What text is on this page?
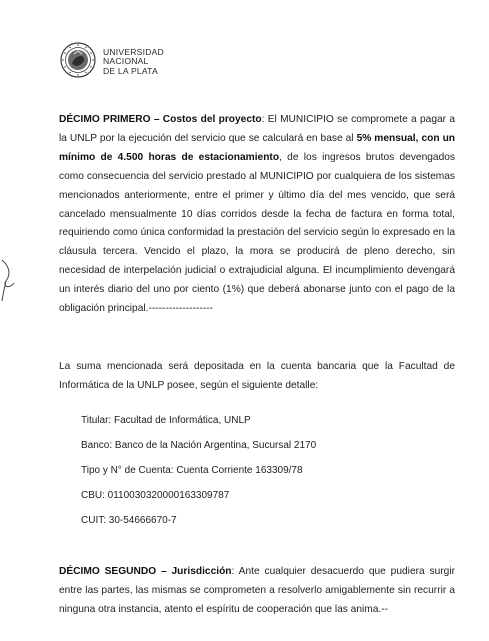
UNIVERSIDAD
NACIONAL
DE LA PLATA
DÉCIMO PRIMERO – Costos del proyecto: El MUNICIPIO se compromete a pagar a la UNLP por la ejecución del servicio que se calculará en base al 5% mensual, con un mínimo de 4.500 horas de estacionamiento, de los ingresos brutos devengados como consecuencia del servicio prestado al MUNICIPIO por cualquiera de los sistemas mencionados anteriormente, entre el primer y último día del mes vencido, que será cancelado mensualmente 10 días corridos desde la fecha de factura en forma total, requiriendo como única conformidad la prestación del servicio según lo expresado en la cláusula tercera. Vencido el plazo, la mora se producirá de pleno derecho, sin necesidad de interpelación judicial o extrajudicial alguna. El incumplimiento devengará un interés diario del uno por ciento (1%) que deberá abonarse junto con el pago de la obligación principal.-------------------
La suma mencionada será depositada en la cuenta bancaria que la Facultad de Informática de la UNLP posee, según el siguiente detalle:
Titular: Facultad de Informática, UNLP
Banco: Banco de la Nación Argentina, Sucursal 2170
Tipo y N° de Cuenta: Cuenta Corriente 163309/78
CBU: 0110030320000163309787
CUIT: 30-54666670-7
DÉCIMO SEGUNDO – Jurisdicción: Ante cualquier desacuerdo que pudiera surgir entre las partes, las mismas se comprometen a resolverlo amigablemente sin recurrir a ninguna otra instancia, atento el espíritu de cooperación que las anima.--
